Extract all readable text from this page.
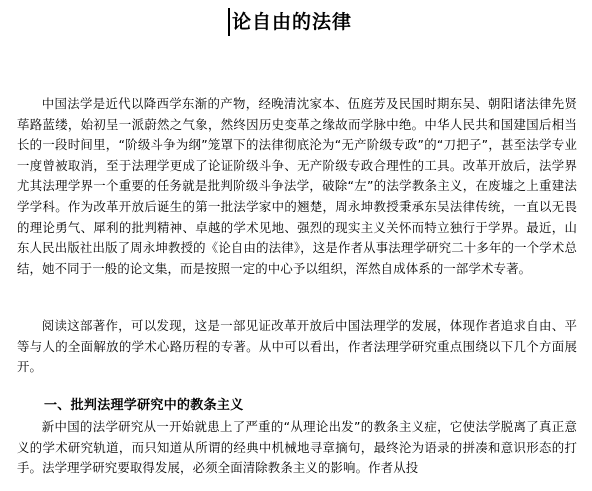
论自由的法律

中国法学是近代以降西学东渐的产物，经晚清沈家本、伍庭芳及民国时期东吴、朝阳诸法律先贤荜路蓝缕，始初呈一派蔚然之气象，然终因历史变革之缘故而学脉中绝。中华人民共和国建国后相当长的一段时间里，“阶级斗争为纲”笼罩下的法律彻底沦为“无产阶级专政”的“刀把子”，甚至法学专业一度曾被取消，至于法理学更成了论证阶级斗争、无产阶级专政合理性的工具。改革开放后，法学界尤其法理学界一个重要的任务就是批判阶级斗争法学，破除“左”的法学教条主义，在废墟之上重建法学学科。作为改革开放后诞生的第一批法学家中的翘楚，周永坤教授秉承东吴法律传统，一直以无畏的理论勇气、犀利的批判精神、卓越的学术见地、强烈的现实主义关怀而特立独行于学界。最近，山东人民出版社出版了周永坤教授的《论自由的法律》，这是作者从事法理学研究二十多年的一个学术总结，她不同于一般的论文集，而是按照一定的中心予以组织，浑然自成体系的一部学术专著。

阅读这部著作，可以发现，这是一部见证改革开放后中国法理学的发展，体现作者追求自由、平等与人的全面解放的学术心路历程的专著。从中可以看出，作者法理学研究重点围绕以下几个方面展开。

一、批判法理学研究中的教条主义

新中国的法学研究从一开始就患上了严重的“从理论出发”的教条主义症，它使法学脱离了真正意义的学术研究轨道，而只知道从所谓的经典中机械地寻章摘句，最终沦为语录的拼凑和意识形态的打手。法学理学研究要取得发展，必须全面清除教条主义的影响。作者从投
